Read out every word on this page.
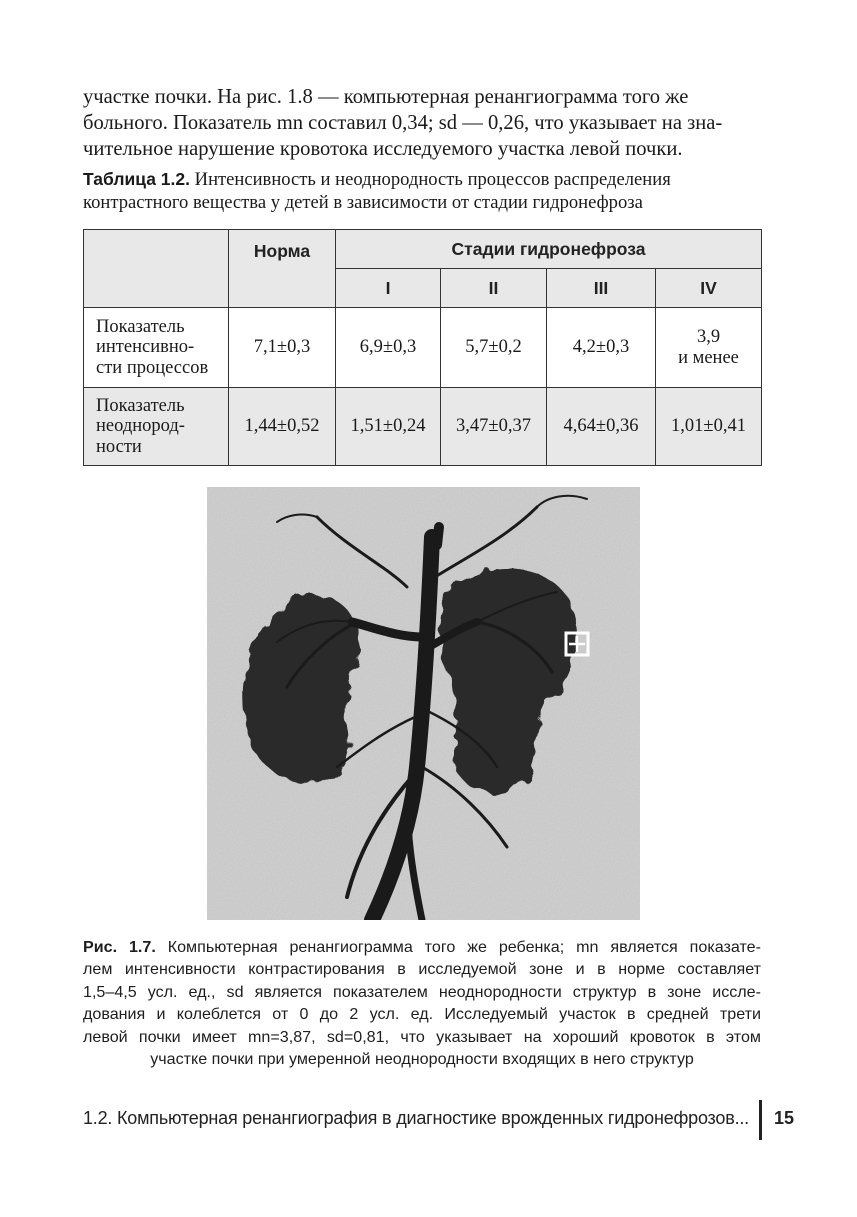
участке почки. На рис. 1.8 — компьютерная ренангиограмма того же
больного. Показатель mn составил 0,34; sd — 0,26, что указывает на зна-
чительное нарушение кровотока исследуемого участка левой почки.
Таблица 1.2. Интенсивность и неоднородность процессов распределения
контрастного вещества у детей в зависимости от стадии гидронефроза
	Норма	Стадии гидронефроза			
		I	II	III	IV

Показатель
интенсивно-
сти процессов	7,1±0,3	6,9±0,3	5,7±0,2	4,2±0,3	3,9
и менее

Показатель
неоднород-
ности	1,44±0,52	1,51±0,24	3,47±0,37	4,64±0,36	1,01±0,41
Рис. 1.7. Компьютерная ренангиограмма того же ребенка; mn является показате-
лем интенсивности контрастирования в исследуемой зоне и в норме составляет
1,5–4,5 усл. ед., sd является показателем неоднородности структур в зоне иссле-
дования и колеблется от 0 до 2 усл. ед. Исследуемый участок в средней трети
левой почки имеет mn=3,87, sd=0,81, что указывает на хороший кровоток в этом
участке почки при умеренной неоднородности входящих в него структур
1.2. Компьютерная ренангиография в диагностике врожденных гидронефрозов... 15
